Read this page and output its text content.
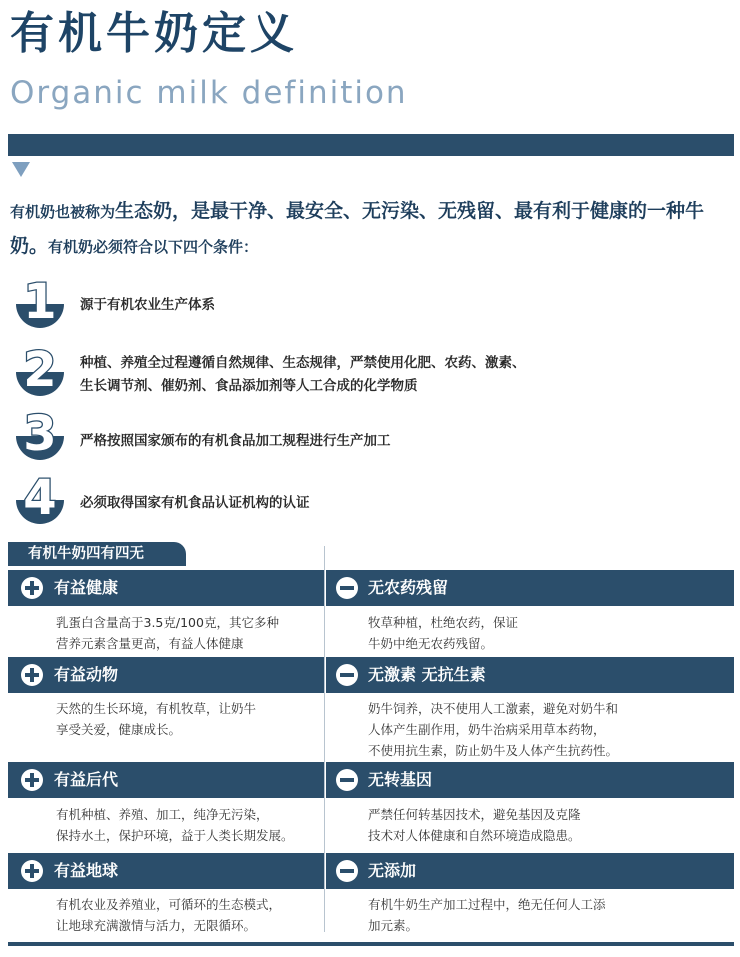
有机牛奶定义
Organic milk definition
有机奶也被称为生态奶，是最干净、最安全、无污染、无残留、最有利于健康的一种牛奶。有机奶必须符合以下四个条件：
1 源于有机农业生产体系
2 种植、养殖全过程遵循自然规律、生态规律，严禁使用化肥、农药、激素、
生长调节剂、催奶剂、食品添加剂等人工合成的化学物质
3 严格按照国家颁布的有机食品加工规程进行生产加工
4 必须取得国家有机食品认证机构的认证
有机牛奶四有四无
有益健康
乳蛋白含量高于3.5克/100克，其它多种
营养元素含量更高，有益人体健康
有益动物
天然的生长环境，有机牧草，让奶牛
享受关爱，健康成长。
有益后代
有机种植、养殖、加工，纯净无污染，
保持水土，保护环境，益于人类长期发展。
有益地球
有机农业及养殖业，可循环的生态模式，
让地球充满激情与活力，无限循环。
无农药残留
牧草种植，杜绝农药，保证
牛奶中绝无农药残留。
无激素 无抗生素
奶牛饲养，决不使用人工激素，避免对奶牛和
人体产生副作用，奶牛治病采用草本药物，
不使用抗生素，防止奶牛及人体产生抗药性。
无转基因
严禁任何转基因技术，避免基因及克隆
技术对人体健康和自然环境造成隐患。
无添加
有机牛奶生产加工过程中，绝无任何人工添
加元素。
